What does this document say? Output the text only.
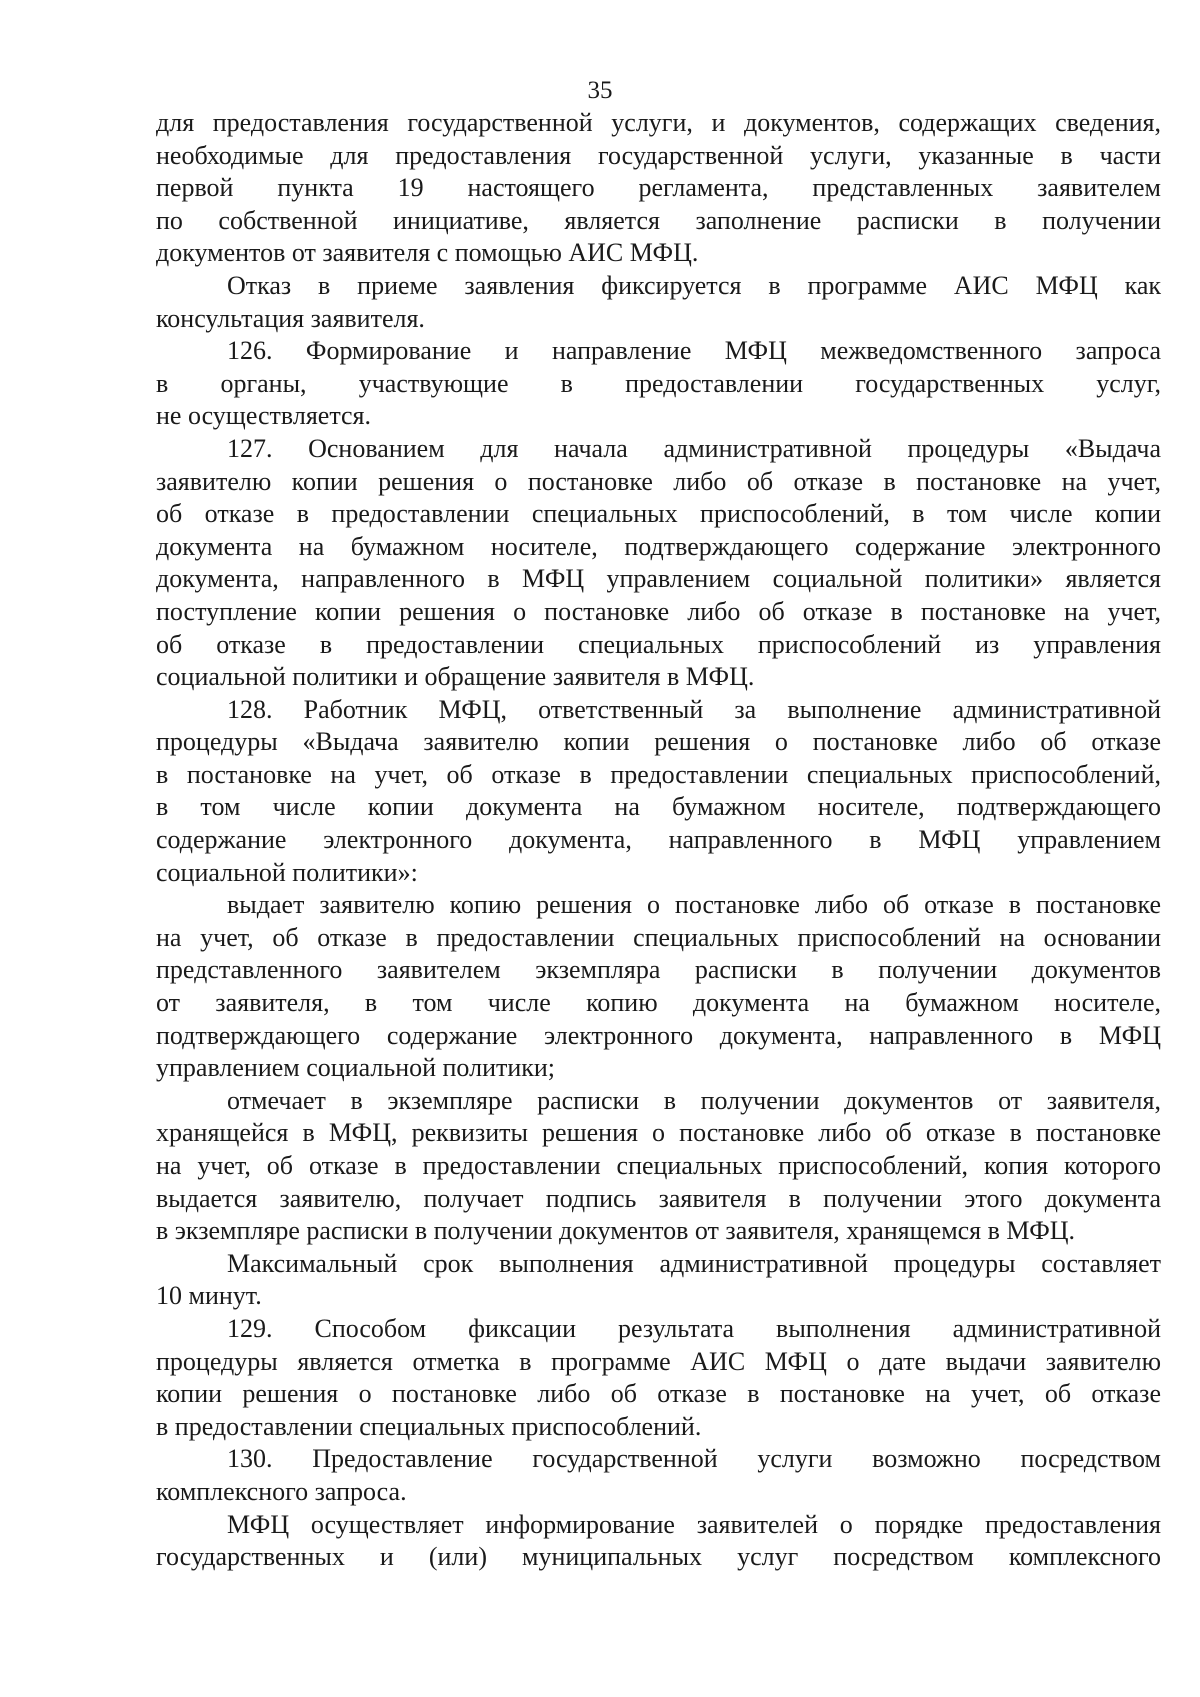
35
для предоставления государственной услуги, и документов, содержащих сведения,
необходимые для предоставления государственной услуги, указанные в части
первой пункта 19 настоящего регламента, представленных заявителем
по собственной инициативе, является заполнение расписки в получении
документов от заявителя с помощью АИС МФЦ.
Отказ в приеме заявления фиксируется в программе АИС МФЦ как
консультация заявителя.
126. Формирование и направление МФЦ межведомственного запроса
в органы, участвующие в предоставлении государственных услуг,
не осуществляется.
127. Основанием для начала административной процедуры «Выдача
заявителю копии решения о постановке либо об отказе в постановке на учет,
об отказе в предоставлении специальных приспособлений, в том числе копии
документа на бумажном носителе, подтверждающего содержание электронного
документа, направленного в МФЦ управлением социальной политики» является
поступление копии решения о постановке либо об отказе в постановке на учет,
об отказе в предоставлении специальных приспособлений из управления
социальной политики и обращение заявителя в МФЦ.
128. Работник МФЦ, ответственный за выполнение административной
процедуры «Выдача заявителю копии решения о постановке либо об отказе
в постановке на учет, об отказе в предоставлении специальных приспособлений,
в том числе копии документа на бумажном носителе, подтверждающего
содержание электронного документа, направленного в МФЦ управлением
социальной политики»:
выдает заявителю копию решения о постановке либо об отказе в постановке
на учет, об отказе в предоставлении специальных приспособлений на основании
представленного заявителем экземпляра расписки в получении документов
от заявителя, в том числе копию документа на бумажном носителе,
подтверждающего содержание электронного документа, направленного в МФЦ
управлением социальной политики;
отмечает в экземпляре расписки в получении документов от заявителя,
хранящейся в МФЦ, реквизиты решения о постановке либо об отказе в постановке
на учет, об отказе в предоставлении специальных приспособлений, копия которого
выдается заявителю, получает подпись заявителя в получении этого документа
в экземпляре расписки в получении документов от заявителя, хранящемся в МФЦ.
Максимальный срок выполнения административной процедуры составляет
10 минут.
129. Способом фиксации результата выполнения административной
процедуры является отметка в программе АИС МФЦ о дате выдачи заявителю
копии решения о постановке либо об отказе в постановке на учет, об отказе
в предоставлении специальных приспособлений.
130. Предоставление государственной услуги возможно посредством
комплексного запроса.
МФЦ осуществляет информирование заявителей о порядке предоставления
государственных и (или) муниципальных услуг посредством комплексного
